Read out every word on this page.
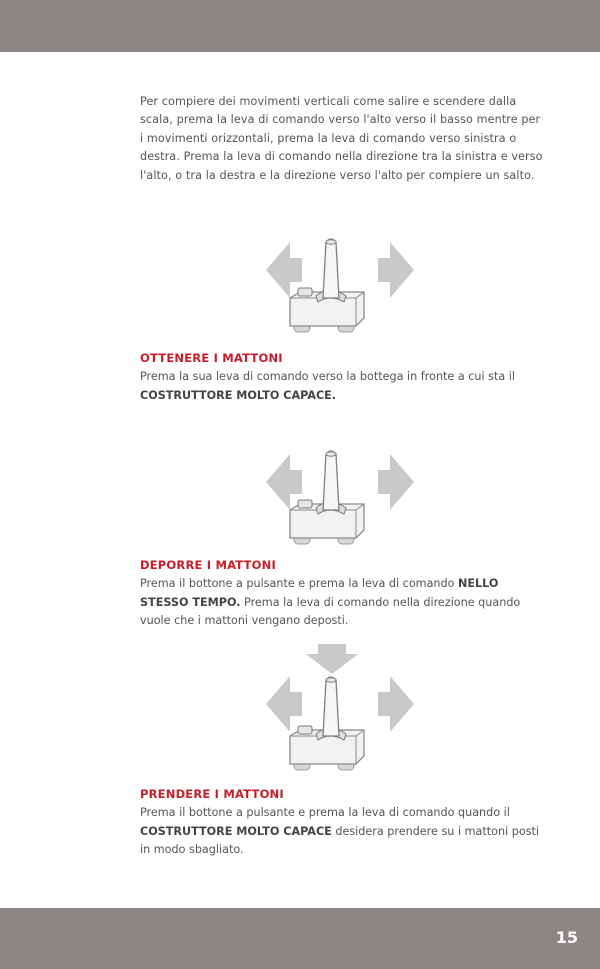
Per compiere dei movimenti verticali come salire e scendere dalla scala, prema la leva di comando verso l'alto verso il basso mentre per i movimenti orizzontali, prema la leva di comando verso sinistra o destra. Prema la leva di comando nella direzione tra la sinistra e verso l'alto, o tra la destra e la direzione verso l'alto per compiere un salto.

OTTENERE I MATTONI

Prema la sua leva di comando verso la bottega in fronte a cui sta il COSTRUTTORE MOLTO CAPACE.

DEPORRE I MATTONI

Prema il bottone a pulsante e prema la leva di comando NELLO STESSO TEMPO. Prema la leva di comando nella direzione quando vuole che i mattoni vengano deposti.

PRENDERE I MATTONI

Prema il bottone a pulsante e prema la leva di comando quando il COSTRUTTORE MOLTO CAPACE desidera prendere su i mattoni posti in modo sbagliato.

15
